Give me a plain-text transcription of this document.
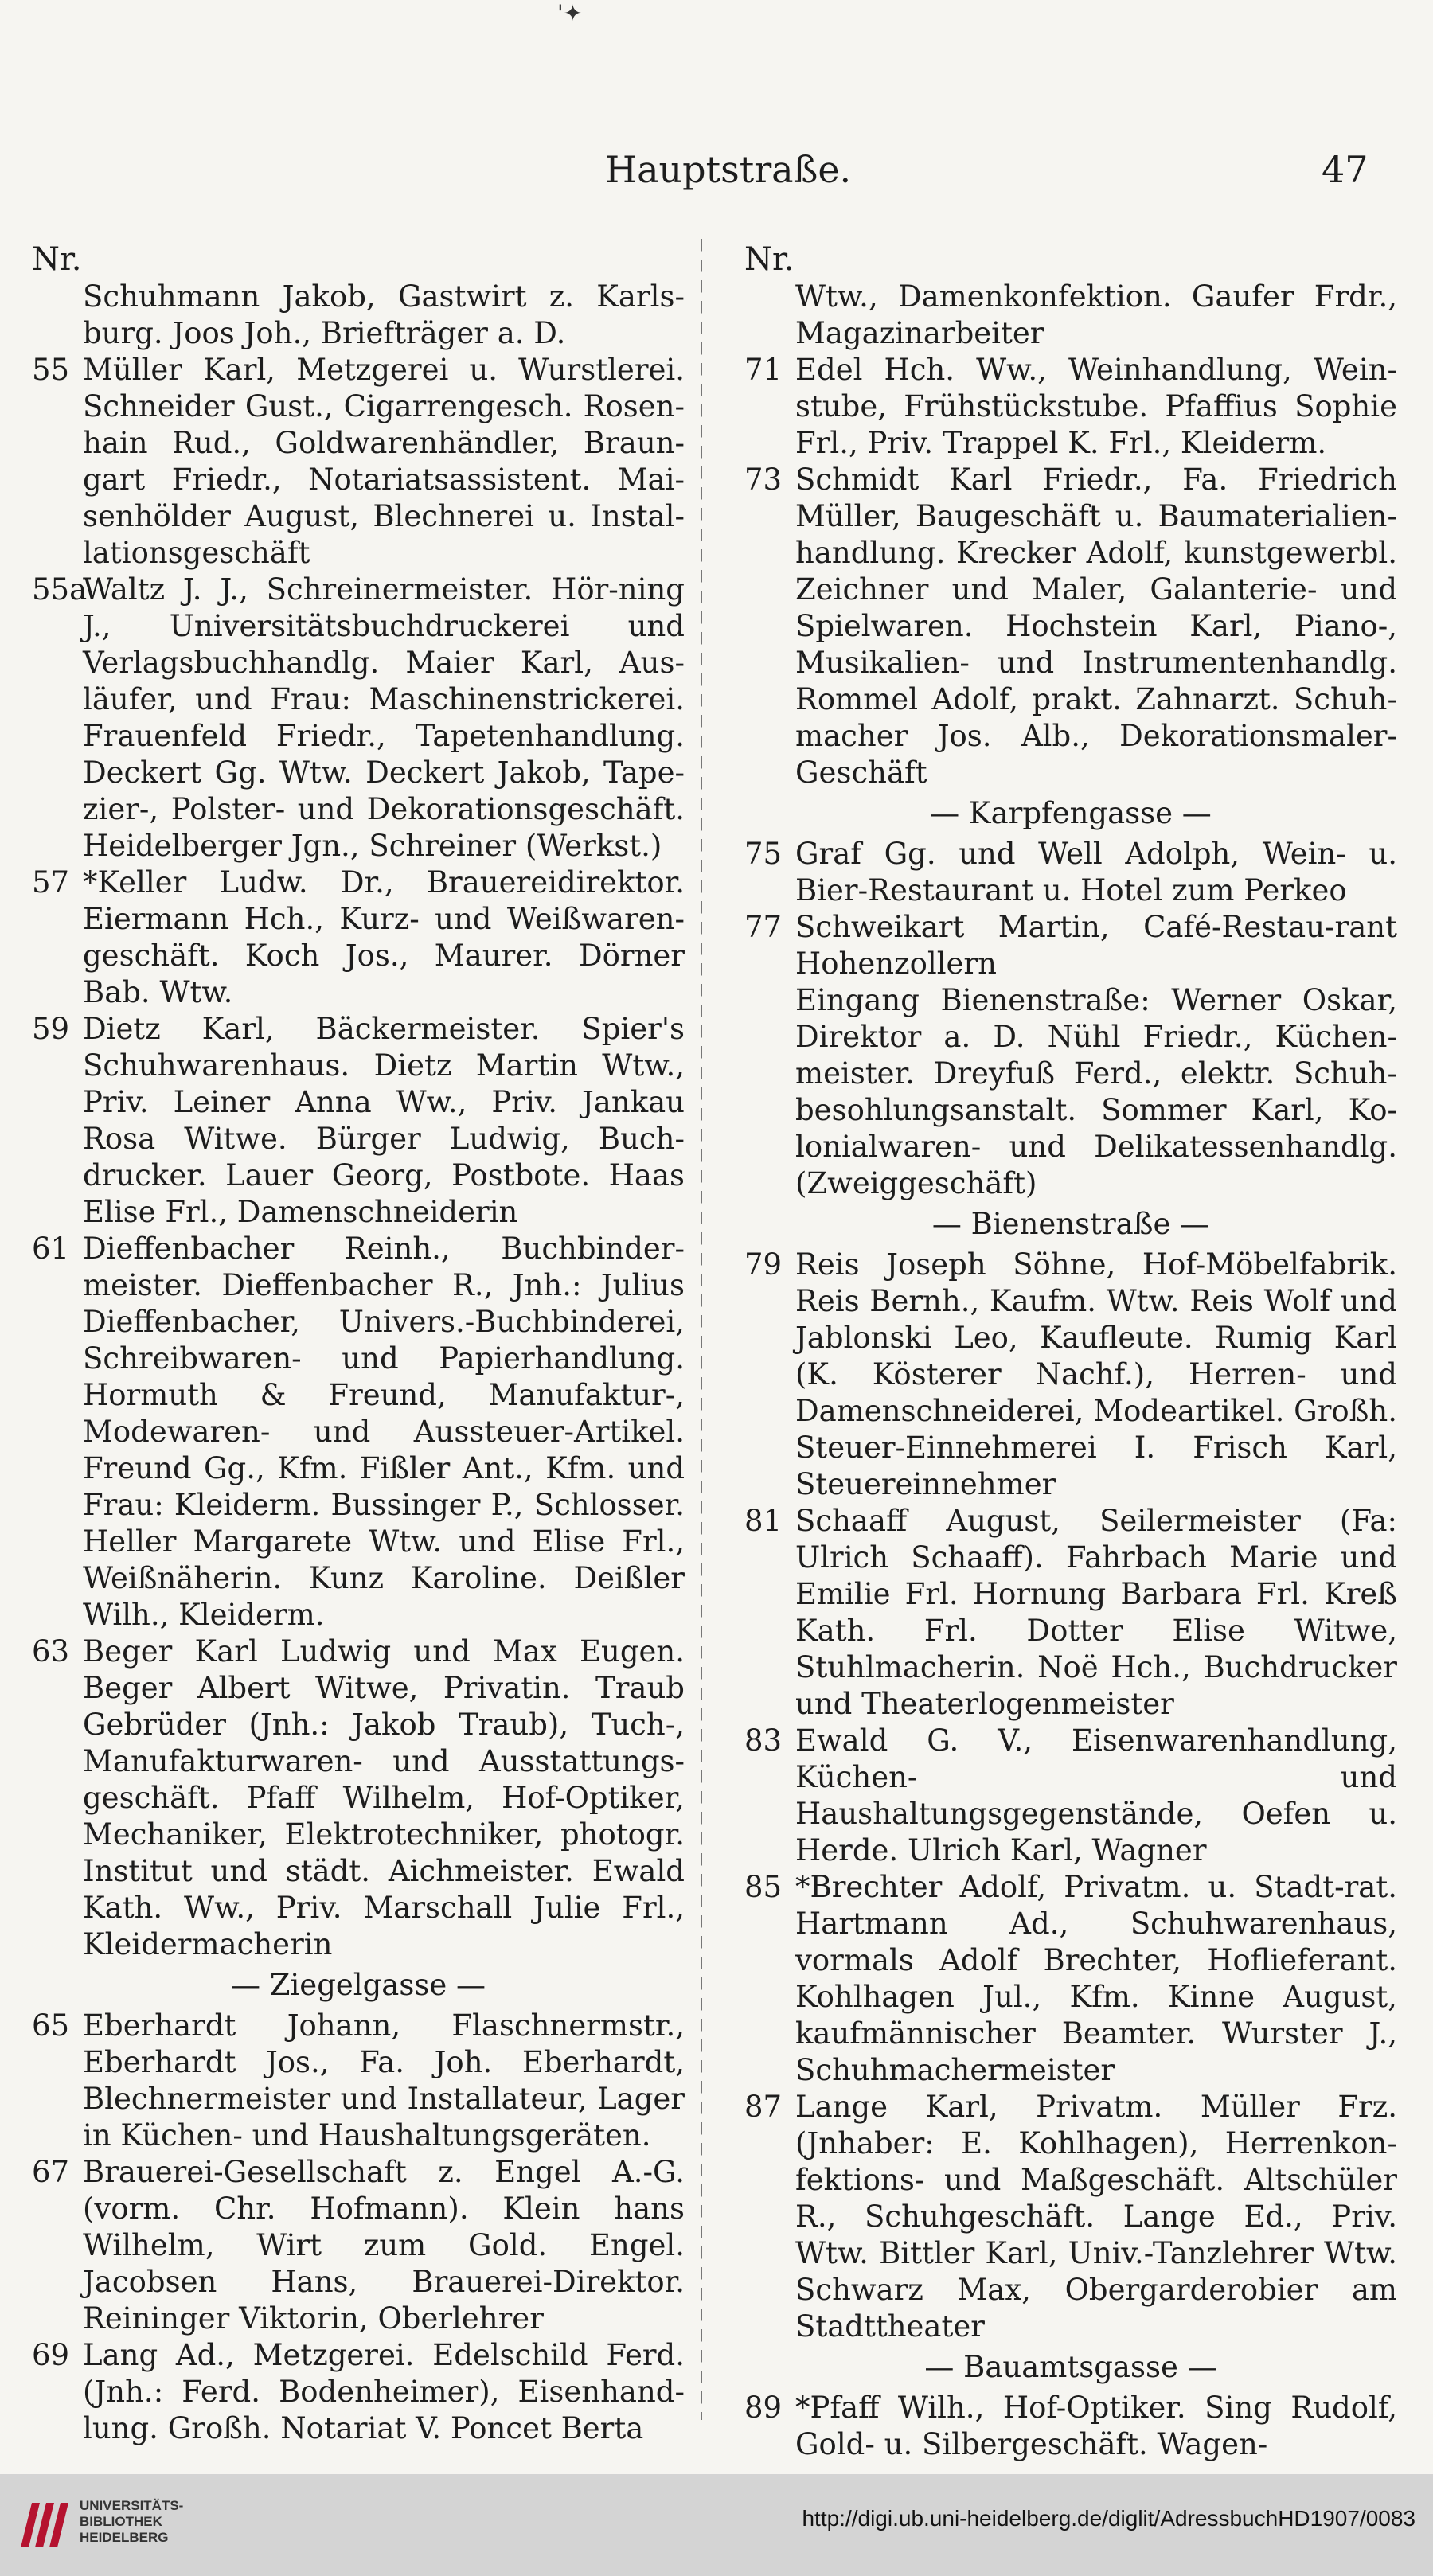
'✦
Hauptstraße.	47
Nr.
Schuhmann Jakob, Gastwirt z. Karls-burg. Joos Joh., Briefträger a. D.
55 Müller Karl, Metzgerei u. Wurstlerei. Schneider Gust., Cigarrengesch. Rosen-hain Rud., Goldwarenhändler, Braun-gart Friedr., Notariatsassistent. Mai-senhölder August, Blechnerei u. Instal-lationsgeschäft
55a
Waltz J. J., Schreinermeister. Hör-ning J., Universitätsbuchdruckerei und Verlagsbuchhandlg. Maier Karl, Aus-läufer, und Frau: Maschinenstrickerei. Frauenfeld Friedr., Tapetenhandlung. Deckert Gg. Wtw. Deckert Jakob, Tape-zier-, Polster- und Dekorationsgeschäft. Heidelberger Jgn., Schreiner (Werkst.)
57 *Keller Ludw. Dr., Brauereidirektor. Eiermann Hch., Kurz- und Weißwaren-geschäft. Koch Jos., Maurer. Dörner Bab. Wtw.
59 Dietz Karl, Bäckermeister. Spier's Schuhwarenhaus. Dietz Martin Wtw., Priv. Leiner Anna Ww., Priv. Jankau Rosa Witwe. Bürger Ludwig, Buch-drucker. Lauer Georg, Postbote. Haas Elise Frl., Damenschneiderin
61 Dieffenbacher Reinh., Buchbinder-meister. Dieffenbacher R., Jnh.: Julius Dieffenbacher, Univers.-Buchbinderei, Schreibwaren- und Papierhandlung. Hormuth & Freund, Manufaktur-, Modewaren- und Aussteuer-Artikel. Freund Gg., Kfm. Fißler Ant., Kfm. und Frau: Kleiderm. Bussinger P., Schlosser. Heller Margarete Wtw. und Elise Frl., Weißnäherin. Kunz Karoline. Deißler Wilh., Kleiderm.
63 Beger Karl Ludwig und Max Eugen. Beger Albert Witwe, Privatin. Traub Gebrüder (Jnh.: Jakob Traub), Tuch-, Manufakturwaren- und Ausstattungs-geschäft. Pfaff Wilhelm, Hof-Optiker, Mechaniker, Elektrotechniker, photogr. Institut und städt. Aichmeister. Ewald Kath. Ww., Priv. Marschall Julie Frl., Kleidermacherin
— Ziegelgasse —
65 Eberhardt Johann, Flaschnermstr., Eberhardt Jos., Fa. Joh. Eberhardt, Blechnermeister und Installateur, Lager in Küchen- und Haushaltungsgeräten.
67 Brauerei-Gesellschaft z. Engel A.-G. (vorm. Chr. Hofmann). Klein hans Wilhelm, Wirt zum Gold. Engel. Jacobsen Hans, Brauerei-Direktor. Reininger Viktorin, Oberlehrer
69 Lang Ad., Metzgerei. Edelschild Ferd. (Jnh.: Ferd. Bodenheimer), Eisenhand-lung. Großh. Notariat V. Poncet Berta
Nr.
Wtw., Damenkonfektion. Gaufer Frdr., Magazinarbeiter
71 Edel Hch. Ww., Weinhandlung, Wein-stube, Frühstückstube. Pfaffius Sophie Frl., Priv. Trappel K. Frl., Kleiderm.
73 Schmidt Karl Friedr., Fa. Friedrich Müller, Baugeschäft u. Baumaterialien-handlung. Krecker Adolf, kunstgewerbl. Zeichner und Maler, Galanterie- und Spielwaren. Hochstein Karl, Piano-, Musikalien- und Instrumentenhandlg. Rommel Adolf, prakt. Zahnarzt. Schuh-macher Jos. Alb., Dekorationsmaler-Geschäft
— Karpfengasse —
75 Graf Gg. und Well Adolph, Wein- u. Bier-Restaurant u. Hotel zum Perkeo
77 Schweikart Martin, Café-Restau-rant Hohenzollern
Eingang Bienenstraße: Werner Oskar, Direktor a. D. Nühl Friedr., Küchen-meister. Dreyfuß Ferd., elektr. Schuh-besohlungsanstalt. Sommer Karl, Ko-lonialwaren- und Delikatessenhandlg. (Zweiggeschäft)
— Bienenstraße —
79 Reis Joseph Söhne, Hof-Möbelfabrik. Reis Bernh., Kaufm. Wtw. Reis Wolf und Jablonski Leo, Kaufleute. Rumig Karl (K. Kösterer Nachf.), Herren- und Damenschneiderei, Modeartikel. Großh. Steuer-Einnehmerei I. Frisch Karl, Steuereinnehmer
81 Schaaff August, Seilermeister (Fa: Ulrich Schaaff). Fahrbach Marie und Emilie Frl. Hornung Barbara Frl. Kreß Kath. Frl. Dotter Elise Witwe, Stuhlmacherin. Noë Hch., Buchdrucker und Theaterlogenmeister
83 Ewald G. V., Eisenwarenhandlung, Küchen- und Haushaltungsgegenstände, Oefen u. Herde. Ulrich Karl, Wagner
85 *Brechter Adolf, Privatm. u. Stadt-rat. Hartmann Ad., Schuhwarenhaus, vormals Adolf Brechter, Hoflieferant. Kohlhagen Jul., Kfm. Kinne August, kaufmännischer Beamter. Wurster J., Schuhmachermeister
87 Lange Karl, Privatm. Müller Frz. (Jnhaber: E. Kohlhagen), Herrenkon-fektions- und Maßgeschäft. Altschüler R., Schuhgeschäft. Lange Ed., Priv. Wtw. Bittler Karl, Univ.-Tanzlehrer Wtw. Schwarz Max, Obergarderobier am Stadttheater
— Bauamtsgasse —
89 *Pfaff Wilh., Hof-Optiker. Sing Rudolf, Gold- u. Silbergeschäft. Wagen-
UNIVERSITÄTS-
BIBLIOTHEK
HEIDELBERG
http://digi.ub.uni-heidelberg.de/diglit/AdressbuchHD1907/0083
